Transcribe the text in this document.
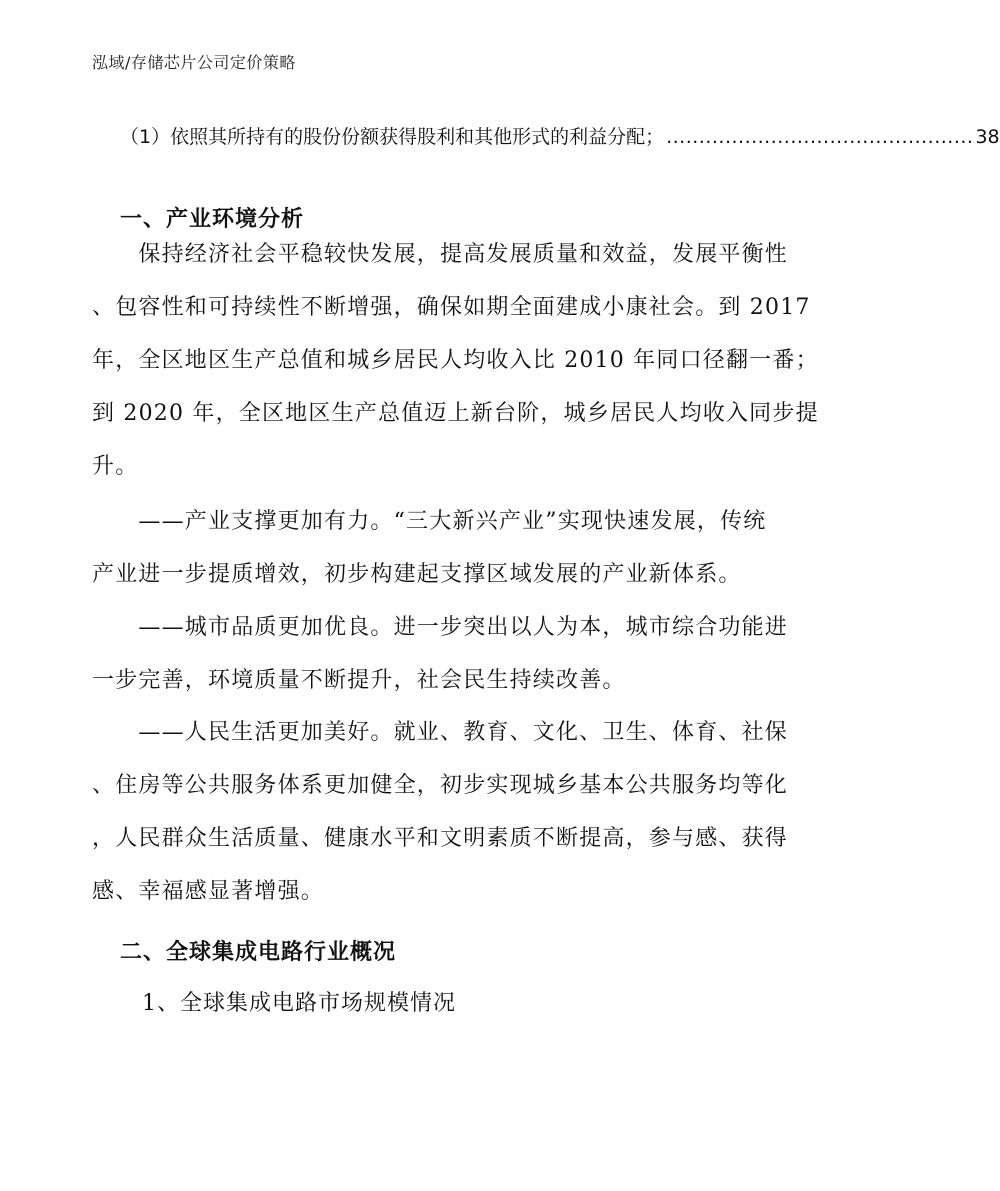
泓域/存储芯片公司定价策略
（1）依照其所持有的股份份额获得股利和其他形式的利益分配； ............................................... 38
一、产业环境分析

　　保持经济社会平稳较快发展，提高发展质量和效益，发展平衡性
、包容性和可持续性不断增强，确保如期全面建成小康社会。到 2017
年，全区地区生产总值和城乡居民人均收入比 2010 年同口径翻一番；
到 2020 年，全区地区生产总值迈上新台阶，城乡居民人均收入同步提
升。

　　——产业支撑更加有力。“三大新兴产业”实现快速发展，传统
产业进一步提质增效，初步构建起支撑区域发展的产业新体系。

　　——城市品质更加优良。进一步突出以人为本，城市综合功能进
一步完善，环境质量不断提升，社会民生持续改善。

　　——人民生活更加美好。就业、教育、文化、卫生、体育、社保
、住房等公共服务体系更加健全，初步实现城乡基本公共服务均等化
，人民群众生活质量、健康水平和文明素质不断提高，参与感、获得
感、幸福感显著增强。

二、全球集成电路行业概况
1、全球集成电路市场规模情况
